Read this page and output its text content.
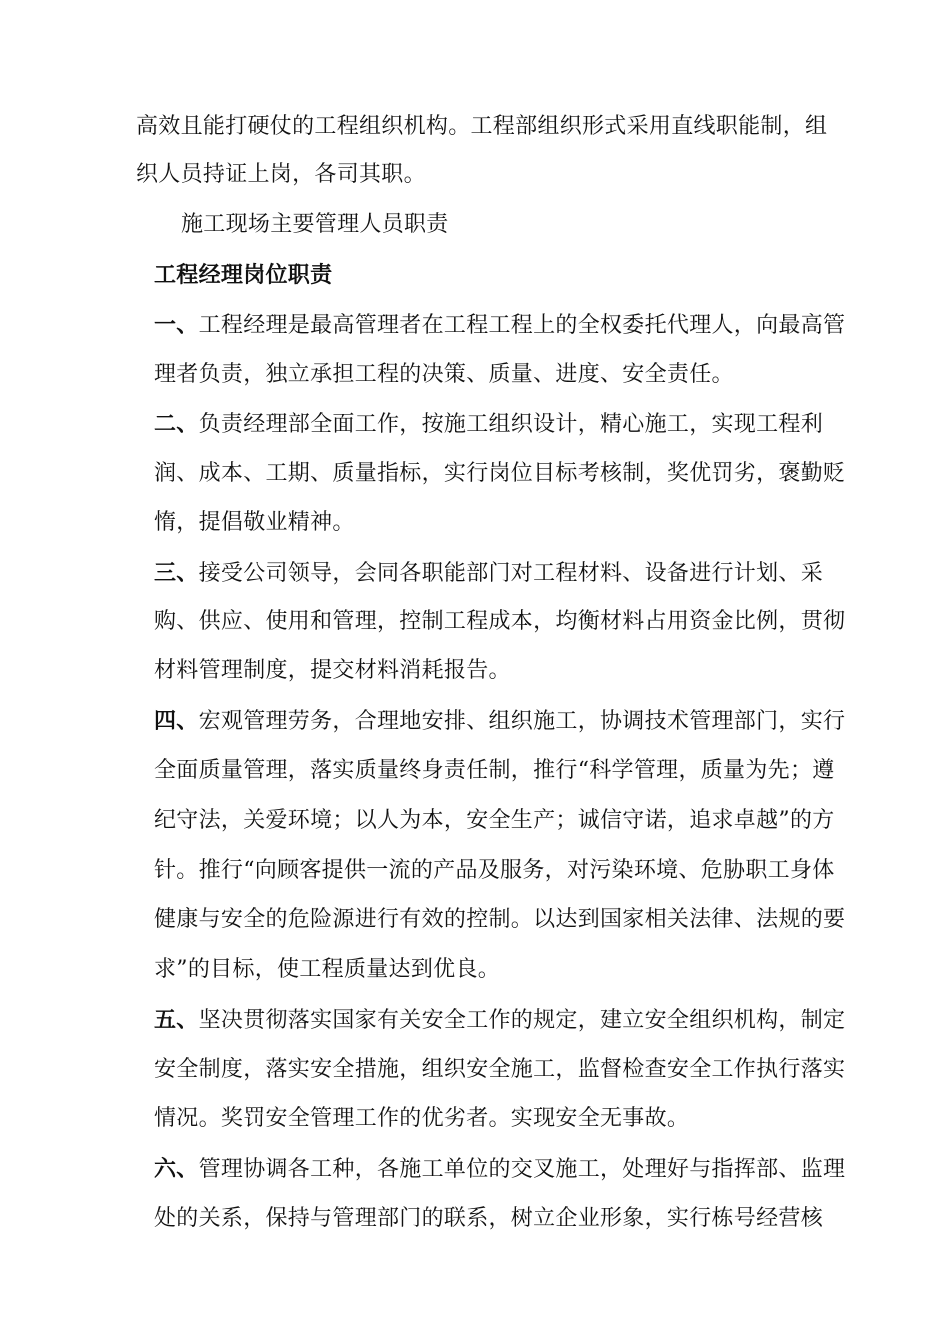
高效且能打硬仗的工程组织机构。工程部组织形式采用直线职能制，组
织人员持证上岗，各司其职。
施工现场主要管理人员职责
工程经理岗位职责
一、工程经理是最高管理者在工程工程上的全权委托代理人，向最高管
理者负责，独立承担工程的决策、质量、进度、安全责任。
二、负责经理部全面工作，按施工组织设计，精心施工，实现工程利
润、成本、工期、质量指标，实行岗位目标考核制，奖优罚劣，褒勤贬
惰，提倡敬业精神。
三、接受公司领导，会同各职能部门对工程材料、设备进行计划、采
购、供应、使用和管理，控制工程成本，均衡材料占用资金比例，贯彻
材料管理制度，提交材料消耗报告。
四、宏观管理劳务，合理地安排、组织施工，协调技术管理部门，实行
全面质量管理，落实质量终身责任制，推行“科学管理，质量为先；遵
纪守法，关爱环境；以人为本，安全生产；诚信守诺，追求卓越”的方
针。推行“向顾客提供一流的产品及服务，对污染环境、危胁职工身体
健康与安全的危险源进行有效的控制。以达到国家相关法律、法规的要
求”的目标，使工程质量达到优良。
五、坚决贯彻落实国家有关安全工作的规定，建立安全组织机构，制定
安全制度，落实安全措施，组织安全施工，监督检查安全工作执行落实
情况。奖罚安全管理工作的优劣者。实现安全无事故。
六、管理协调各工种，各施工单位的交叉施工，处理好与指挥部、监理
处的关系，保持与管理部门的联系，树立企业形象，实行栋号经营核
